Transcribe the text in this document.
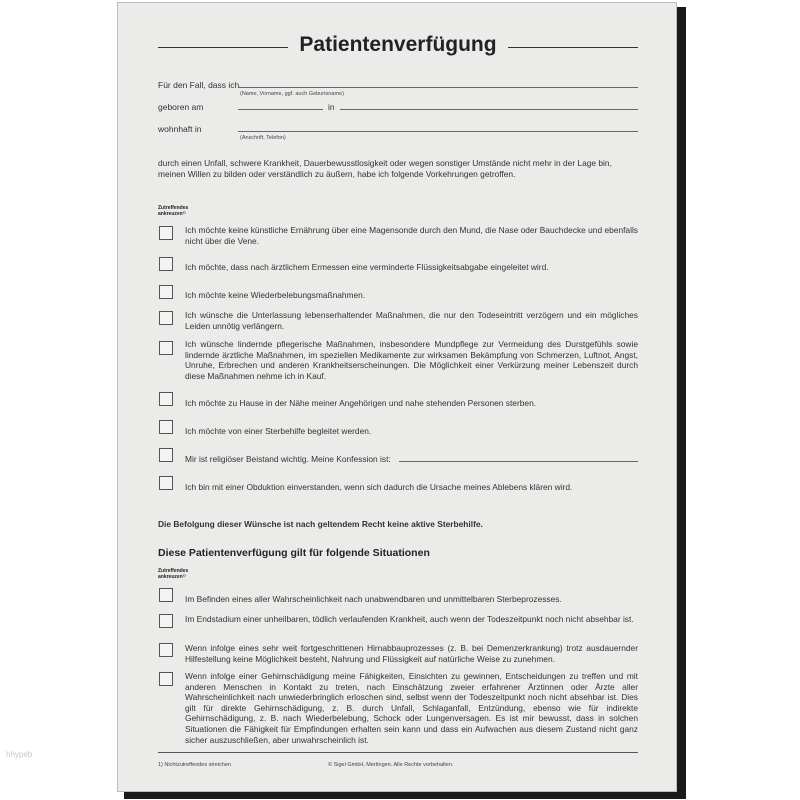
Patientenverfügung
Für den Fall, dass ich
(Name, Vorname, ggf. auch Geburtsname)
geboren am	in
wohnhaft in
(Anschrift, Telefon)
durch einen Unfall, schwere Krankheit, Dauerbewusstlosigkeit oder wegen sonstiger Umstände nicht mehr in der Lage bin, meinen Willen zu bilden oder verständlich zu äußern, habe ich folgende Vorkehrungen getroffen.
Zutreffendes
ankreuzen¹⁾
Ich möchte keine künstliche Ernährung über eine Magensonde durch den Mund, die Nase oder Bauchdecke und ebenfalls nicht über die Vene.
Ich möchte, dass nach ärztlichem Ermessen eine verminderte Flüssigkeitsabgabe eingeleitet wird.
Ich möchte keine Wiederbelebungsmaßnahmen.
Ich wünsche die Unterlassung lebenserhaltender Maßnahmen, die nur den Todeseintritt verzögern und ein mögliches Leiden unnötig verlängern.
Ich wünsche lindernde pflegerische Maßnahmen, insbesondere Mundpflege zur Vermeidung des Durstgefühls sowie lindernde ärztliche Maßnahmen, im speziellen Medikamente zur wirksamen Bekämpfung von Schmerzen, Luftnot, Angst, Unruhe, Erbrechen und anderen Krankheitserscheinungen. Die Möglichkeit einer Verkürzung meiner Lebenszeit durch diese Maßnahmen nehme ich in Kauf.
Ich möchte zu Hause in der Nähe meiner Angehörigen und nahe stehenden Personen sterben.
Ich möchte von einer Sterbehilfe begleitet werden.
Mir ist religiöser Beistand wichtig. Meine Konfession ist:
Ich bin mit einer Obduktion einverstanden, wenn sich dadurch die Ursache meines Ablebens klären wird.
Die Befolgung dieser Wünsche ist nach geltendem Recht keine aktive Sterbehilfe.
Diese Patientenverfügung gilt für folgende Situationen
Zutreffendes
ankreuzen¹⁾
Im Befinden eines aller Wahrscheinlichkeit nach unabwendbaren und unmittelbaren Sterbeprozesses.
Im Endstadium einer unheilbaren, tödlich verlaufenden Krankheit, auch wenn der Todeszeitpunkt noch nicht absehbar ist.
Wenn infolge eines sehr weit fortgeschrittenen Hirnabbauprozesses (z. B. bei Demenzerkrankung) trotz ausdauernder Hilfestellung keine Möglichkeit besteht, Nahrung und Flüssigkeit auf natürliche Weise zu zunehmen.
Wenn infolge einer Gehirnschädigung meine Fähigkeiten, Einsichten zu gewinnen, Entscheidungen zu treffen und mit anderen Menschen in Kontakt zu treten, nach Einschätzung zweier erfahrener Ärztinnen oder Ärzte aller Wahrscheinlichkeit nach unwiederbringlich erloschen sind, selbst wenn der Todeszeitpunkt noch nicht absehbar ist. Dies gilt für direkte Gehirnschädigung, z. B. durch Unfall, Schlaganfall, Entzündung, ebenso wie für indirekte Gehirnschädigung, z. B. nach Wiederbelebung, Schock oder Lungenversagen. Es ist mir bewusst, dass in solchen Situationen die Fähigkeit für Empfindungen erhalten sein kann und dass ein Aufwachen aus diesem Zustand nicht ganz sicher auszuschließen, aber unwahrscheinlich ist.
1) Nichtzutreffendes streichen	© Sigel GmbH, Mertingen. Alle Rechte vorbehalten.
hhypeb
